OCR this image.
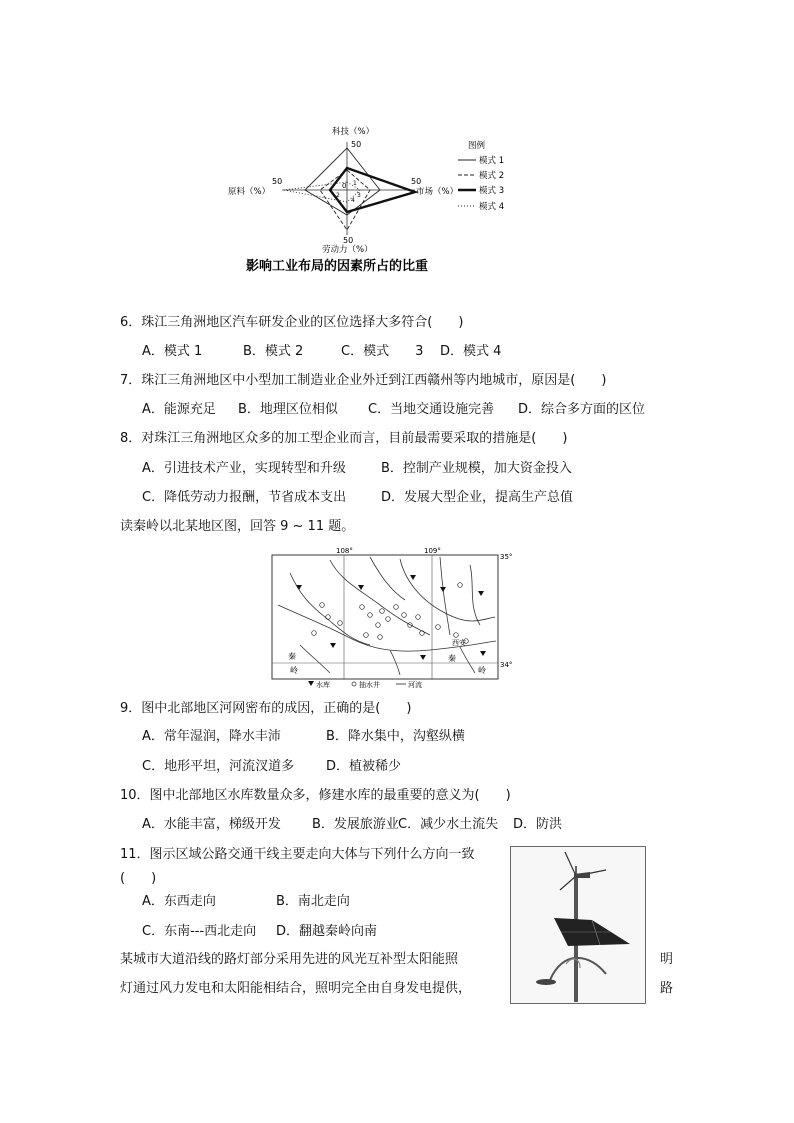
科技（%）
50
50
原料（%）
50
市场（%）
劳动力（%）
50
0 1
2	3
4
图例
模式 1
模式 2
模式 3
模式 4
影响工业布局的因素所占的比重
6．珠江三角洲地区汽车研发企业的区位选择大多符合(　　)
A．模式 1	B．模式 2	C．模式　　3 D．模式 4
7．珠江三角洲地区中小型加工制造业企业外迁到江西赣州等内地城市，原因是(　　)
A．能源充足 B．地理区位相似 C．当地交通设施完善 D．综合多方面的区位
8．对珠江三角洲地区众多的加工型企业而言，目前最需要采取的措施是(　　)
A．引进技术产业，实现转型和升级	B．控制产业规模，加大资金投入
C．降低劳动力报酬，节省成本支出	D．发展大型企业，提高生产总值
读秦岭以北某地区图，回答 9 ~ 11 题。
108°	109°
35°
34°
西安
秦
岭
秦
岭
水库	抽水井	河流
9．图中北部地区河网密布的成因，正确的是(　　)
A．常年湿润，降水丰沛	B．降水集中，沟壑纵横
C．地形平坦，河流汊道多 D．植被稀少
10．图中北部地区水库数量众多，修建水库的最重要的意义为(　　)
A．水能丰富，梯级开发 B．发展旅游业 C．减少水土流失 D．防洪
11．图示区域公路交通干线主要走向大体与下列什么方向一致
(　　)
A．东西走向	B．南北走向
C．东南---西北走向 D．翻越秦岭向南
某城市大道沿线的路灯部分采用先进的风光互补型太阳能照	明
灯通过风力发电和太阳能相结合，照明完全由自身发电提供，	路
